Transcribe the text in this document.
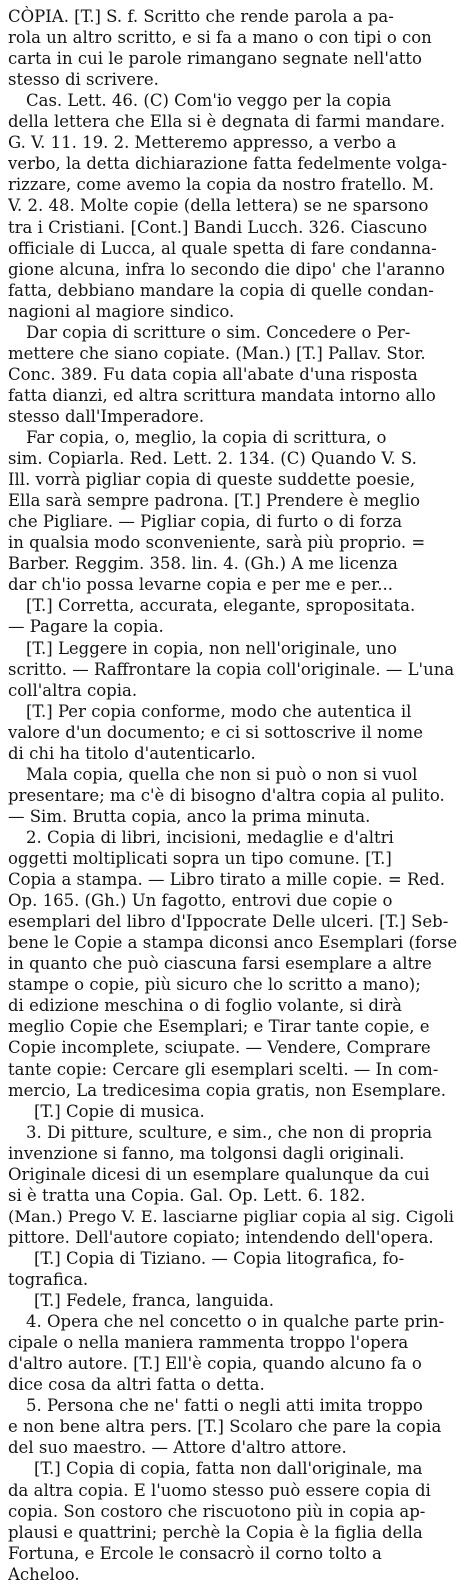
CÒPIA. [T.] S. f. Scritto che rende parola a pa-

rola un altro scritto, e si fa a mano o con tipi o con

carta in cui le parole rimangano segnate nell'atto

stesso di scrivere.

Cas. Lett. 46. (C) Com'io veggo per la copia

della lettera che Ella si è degnata di farmi mandare.

G. V. 11. 19. 2. Metteremo appresso, a verbo a

verbo, la detta dichiarazione fatta fedelmente volga-

rizzare, come avemo la copia da nostro fratello. M.

V. 2. 48. Molte copie (della lettera) se ne sparsono

tra i Cristiani. [Cont.] Bandi Lucch. 326. Ciascuno

officiale di Lucca, al quale spetta di fare condanna-

gione alcuna, infra lo secondo die dipo' che l'aranno

fatta, debbiano mandare la copia di quelle condan-

nagioni al magiore sindico.

Dar copia di scritture o sim. Concedere o Per-

mettere che siano copiate. (Man.) [T.] Pallav. Stor.

Conc. 389. Fu data copia all'abate d'una risposta

fatta dianzi, ed altra scrittura mandata intorno allo

stesso dall'Imperadore.

Far copia, o, meglio, la copia di scrittura, o

sim. Copiarla. Red. Lett. 2. 134. (C) Quando V. S.

Ill. vorrà pigliar copia di queste suddette poesie,

Ella sarà sempre padrona. [T.] Prendere è meglio

che Pigliare. — Pigliar copia, di furto o di forza

in qualsia modo sconveniente, sarà più proprio. =

Barber. Reggim. 358. lin. 4. (Gh.) A me licenza

dar ch'io possa levarne copia e per me e per...

[T.] Corretta, accurata, elegante, spropositata.

— Pagare la copia.

[T.] Leggere in copia, non nell'originale, uno

scritto. — Raffrontare la copia coll'originale. — L'una

coll'altra copia.

[T.] Per copia conforme, modo che autentica il

valore d'un documento; e ci si sottoscrive il nome

di chi ha titolo d'autenticarlo.

Mala copia, quella che non si può o non si vuol

presentare; ma c'è di bisogno d'altra copia al pulito.

— Sim. Brutta copia, anco la prima minuta.

2. Copia di libri, incisioni, medaglie e d'altri

oggetti moltiplicati sopra un tipo comune. [T.]

Copia a stampa. — Libro tirato a mille copie. = Red.

Op. 165. (Gh.) Un fagotto, entrovi due copie o

esemplari del libro d'Ippocrate Delle ulceri. [T.] Seb-

bene le Copie a stampa diconsi anco Esemplari (forse

in quanto che può ciascuna farsi esemplare a altre

stampe o copie, più sicuro che lo scritto a mano);

di edizione meschina o di foglio volante, si dirà

meglio Copie che Esemplari; e Tirar tante copie, e

Copie incomplete, sciupate. — Vendere, Comprare

tante copie: Cercare gli esemplari scelti. — In com-

mercio, La tredicesima copia gratis, non Esemplare.

[T.] Copie di musica.

3. Di pitture, sculture, e sim., che non di propria

invenzione si fanno, ma tolgonsi dagli originali.

Originale dicesi di un esemplare qualunque da cui

si è tratta una Copia. Gal. Op. Lett. 6. 182.

(Man.) Prego V. E. lasciarne pigliar copia al sig. Cigoli

pittore. Dell'autore copiato; intendendo dell'opera.

[T.] Copia di Tiziano. — Copia litografica, fo-

tografica.

[T.] Fedele, franca, languida.

4. Opera che nel concetto o in qualche parte prin-

cipale o nella maniera rammenta troppo l'opera

d'altro autore. [T.] Ell'è copia, quando alcuno fa o

dice cosa da altri fatta o detta.

5. Persona che ne' fatti o negli atti imita troppo

e non bene altra pers. [T.] Scolaro che pare la copia

del suo maestro. — Attore d'altro attore.

[T.] Copia di copia, fatta non dall'originale, ma

da altra copia. E l'uomo stesso può essere copia di

copia. Son costoro che riscuotono più in copia ap-

plausi e quattrini; perchè la Copia è la figlia della

Fortuna, e Ercole le consacrò il corno tolto a

Acheloo.
